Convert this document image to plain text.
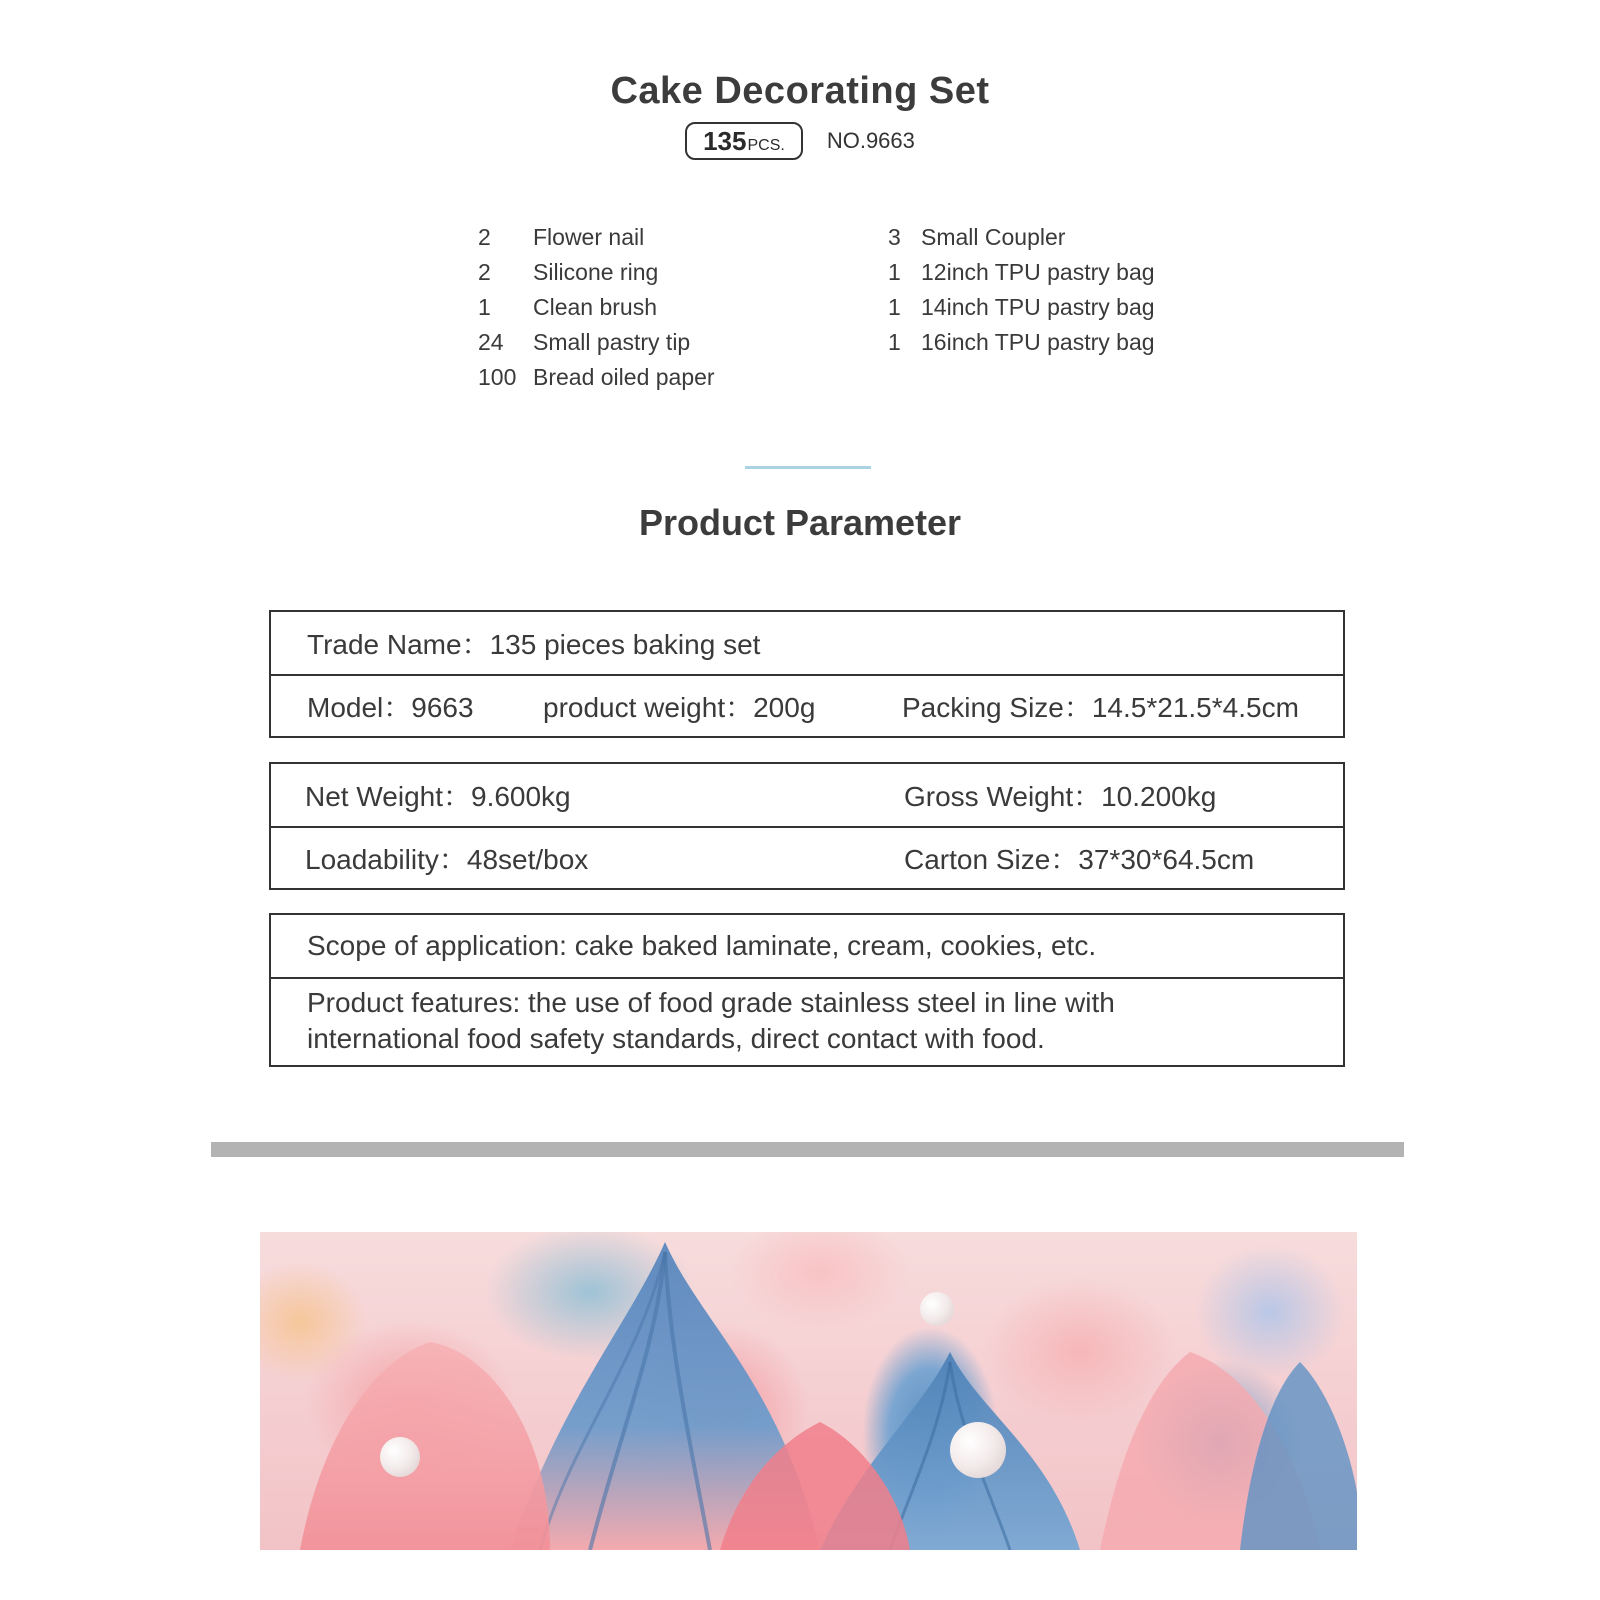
Cake Decorating Set
135 PCS. NO.9663
2	Flower nail
2	Silicone ring
1	Clean brush
24	Small pastry tip
100 Bread oiled paper
3 Small Coupler
1 12inch TPU pastry bag
1 14inch TPU pastry bag
1 16inch TPU pastry bag
Product Parameter
Trade Name：135 pieces baking set
Model：9663 product weight：200g	Packing Size：14.5*21.5*4.5cm
Net Weight：9.600kg	Gross Weight：10.200kg
Loadability：48set/box	Carton Size：37*30*64.5cm
Scope of application: cake baked laminate, cream, cookies, etc.
Product features: the use of food grade stainless steel in line with
international food safety standards, direct contact with food.
